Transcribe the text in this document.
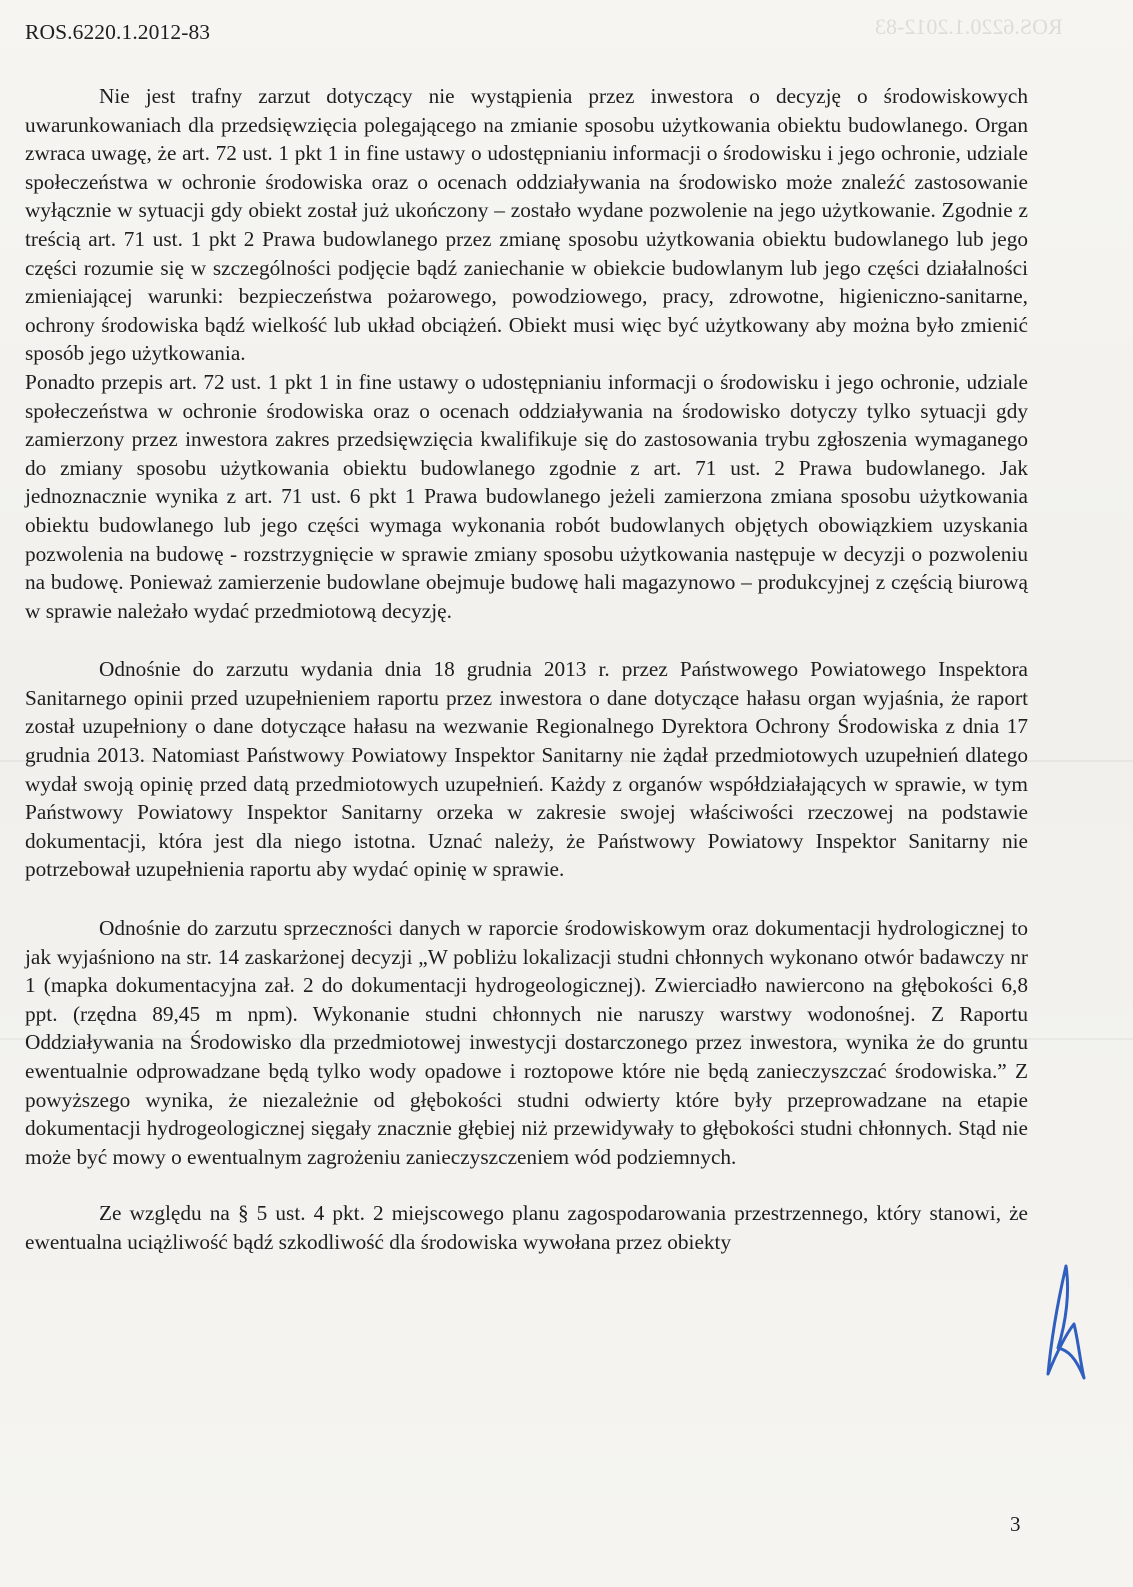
ROS.6220.1.2012-83	ROS.6220.1.2012-83

Nie jest trafny zarzut dotyczący nie wystąpienia przez inwestora o decyzję o środowiskowych uwarunkowaniach dla przedsięwzięcia polegającego na zmianie sposobu użytkowania obiektu budowlanego. Organ zwraca uwagę, że art. 72 ust. 1 pkt 1 in fine ustawy o udostępnianiu informacji o środowisku i jego ochronie, udziale społeczeństwa w ochronie środowiska oraz o ocenach oddziaływania na środowisko może znaleźć zastosowanie wyłącznie w sytuacji gdy obiekt został już ukończony – zostało wydane pozwolenie na jego użytkowanie. Zgodnie z treścią art. 71 ust. 1 pkt 2 Prawa budowlanego przez zmianę sposobu użytkowania obiektu budowlanego lub jego części rozumie się w szczególności podjęcie bądź zaniechanie w obiekcie budowlanym lub jego części działalności zmieniającej warunki: bezpieczeństwa pożarowego, powodziowego, pracy, zdrowotne, higieniczno-sanitarne, ochrony środowiska bądź wielkość lub układ obciążeń. Obiekt musi więc być użytkowany aby można było zmienić sposób jego użytkowania.

Ponadto przepis art. 72 ust. 1 pkt 1 in fine ustawy o udostępnianiu informacji o środowisku i jego ochronie, udziale społeczeństwa w ochronie środowiska oraz o ocenach oddziaływania na środowisko dotyczy tylko sytuacji gdy zamierzony przez inwestora zakres przedsięwzięcia kwalifikuje się do zastosowania trybu zgłoszenia wymaganego do zmiany sposobu użytkowania obiektu budowlanego zgodnie z art. 71 ust. 2 Prawa budowlanego. Jak jednoznacznie wynika z art. 71 ust. 6 pkt 1 Prawa budowlanego jeżeli zamierzona zmiana sposobu użytkowania obiektu budowlanego lub jego części wymaga wykonania robót budowlanych objętych obowiązkiem uzyskania pozwolenia na budowę - rozstrzygnięcie w sprawie zmiany sposobu użytkowania następuje w decyzji o pozwoleniu na budowę. Ponieważ zamierzenie budowlane obejmuje budowę hali magazynowo – produkcyjnej z częścią biurową w sprawie należało wydać przedmiotową decyzję.

Odnośnie do zarzutu wydania dnia 18 grudnia 2013 r. przez Państwowego Powiatowego Inspektora Sanitarnego opinii przed uzupełnieniem raportu przez inwestora o dane dotyczące hałasu organ wyjaśnia, że raport został uzupełniony o dane dotyczące hałasu na wezwanie Regionalnego Dyrektora Ochrony Środowiska z dnia 17 grudnia 2013. Natomiast Państwowy Powiatowy Inspektor Sanitarny nie żądał przedmiotowych uzupełnień dlatego wydał swoją opinię przed datą przedmiotowych uzupełnień. Każdy z organów współdziałających w sprawie, w tym Państwowy Powiatowy Inspektor Sanitarny orzeka w zakresie swojej właściwości rzeczowej na podstawie dokumentacji, która jest dla niego istotna. Uznać należy, że Państwowy Powiatowy Inspektor Sanitarny nie potrzebował uzupełnienia raportu aby wydać opinię w sprawie.

Odnośnie do zarzutu sprzeczności danych w raporcie środowiskowym oraz dokumentacji hydrologicznej to jak wyjaśniono na str. 14 zaskarżonej decyzji „W pobliżu lokalizacji studni chłonnych wykonano otwór badawczy nr 1 (mapka dokumentacyjna zał. 2 do dokumentacji hydrogeologicznej). Zwierciadło nawiercono na głębokości 6,8 ppt. (rzędna 89,45 m npm). Wykonanie studni chłonnych nie naruszy warstwy wodonośnej. Z Raportu Oddziaływania na Środowisko dla przedmiotowej inwestycji dostarczonego przez inwestora, wynika że do gruntu ewentualnie odprowadzane będą tylko wody opadowe i roztopowe które nie będą zanieczyszczać środowiska.” Z powyższego wynika, że niezależnie od głębokości studni odwierty które były przeprowadzane na etapie dokumentacji hydrogeologicznej sięgały znacznie głębiej niż przewidywały to głębokości studni chłonnych. Stąd nie może być mowy o ewentualnym zagrożeniu zanieczyszczeniem wód podziemnych.

Ze względu na § 5 ust. 4 pkt. 2 miejscowego planu zagospodarowania przestrzennego, który stanowi, że ewentualna uciążliwość bądź szkodliwość dla środowiska wywołana przez obiekty

3
